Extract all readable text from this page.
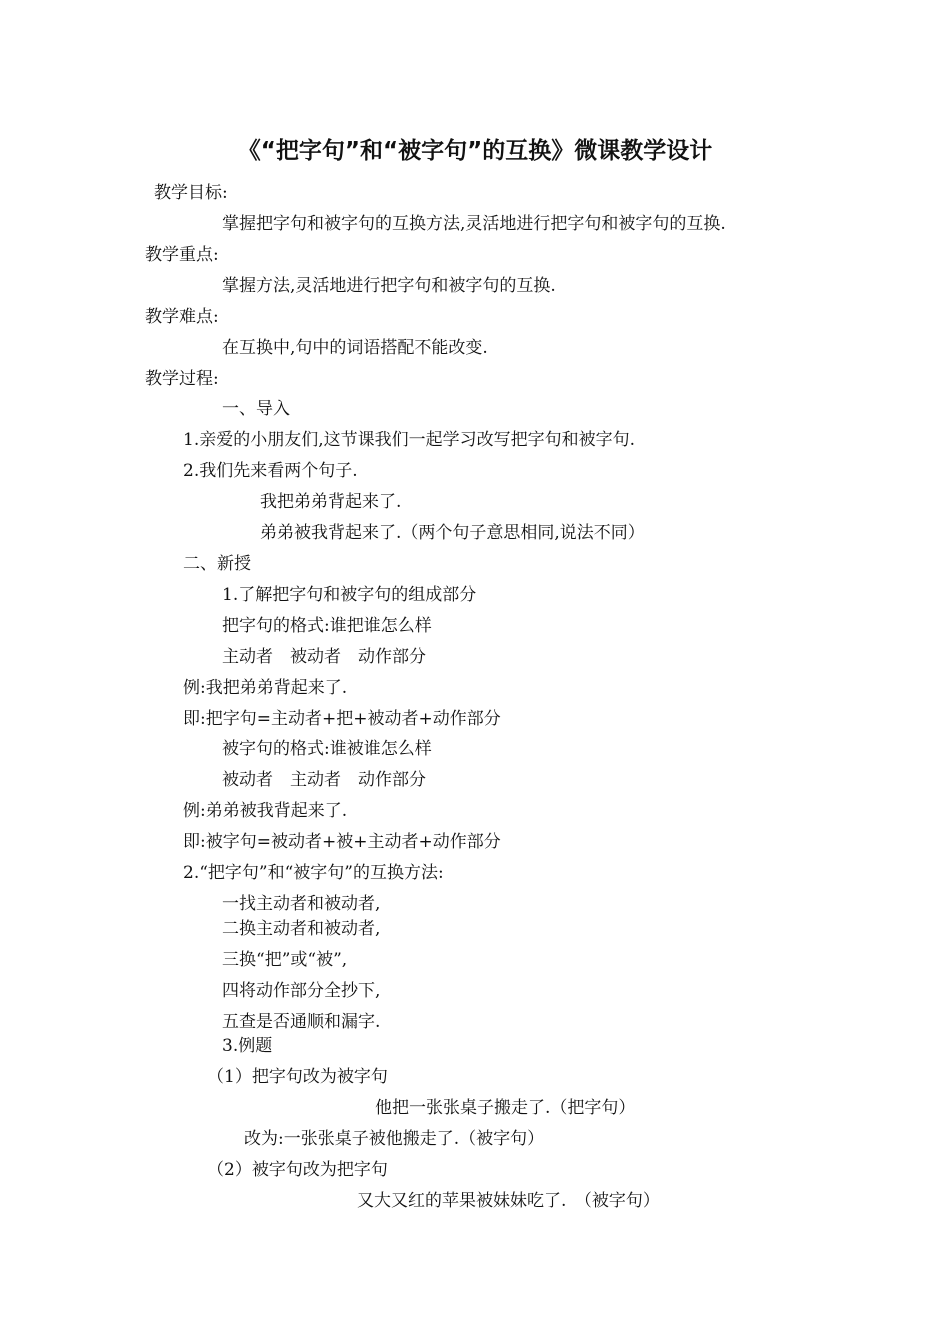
《“把字句”和“被字句”的互换》微课教学设计
教学目标:
掌握把字句和被字句的互换方法,灵活地进行把字句和被字句的互换.
教学重点:
掌握方法,灵活地进行把字句和被字句的互换.
教学难点:
在互换中,句中的词语搭配不能改变.
教学过程:
一、导入
1.亲爱的小朋友们,这节课我们一起学习改写把字句和被字句.
2.我们先来看两个句子.
我把弟弟背起来了.
弟弟被我背起来了.（两个句子意思相同,说法不同）
二、新授
1.了解把字句和被字句的组成部分
把字句的格式:谁把谁怎么样
主动者　被动者　动作部分
例:我把弟弟背起来了.
即:把字句=主动者+把+被动者+动作部分
被字句的格式:谁被谁怎么样
被动者　主动者　动作部分
例:弟弟被我背起来了.
即:被字句=被动者+被+主动者+动作部分
2.“把字句”和“被字句”的互换方法:
一找主动者和被动者,
二换主动者和被动者,
三换“把”或“被”,
四将动作部分全抄下,
五查是否通顺和漏字.
3.例题
（1）把字句改为被字句
他把一张张桌子搬走了.（把字句）
改为:一张张桌子被他搬走了.（被字句）
（2）被字句改为把字句
又大又红的苹果被妹妹吃了.　（被字句）
